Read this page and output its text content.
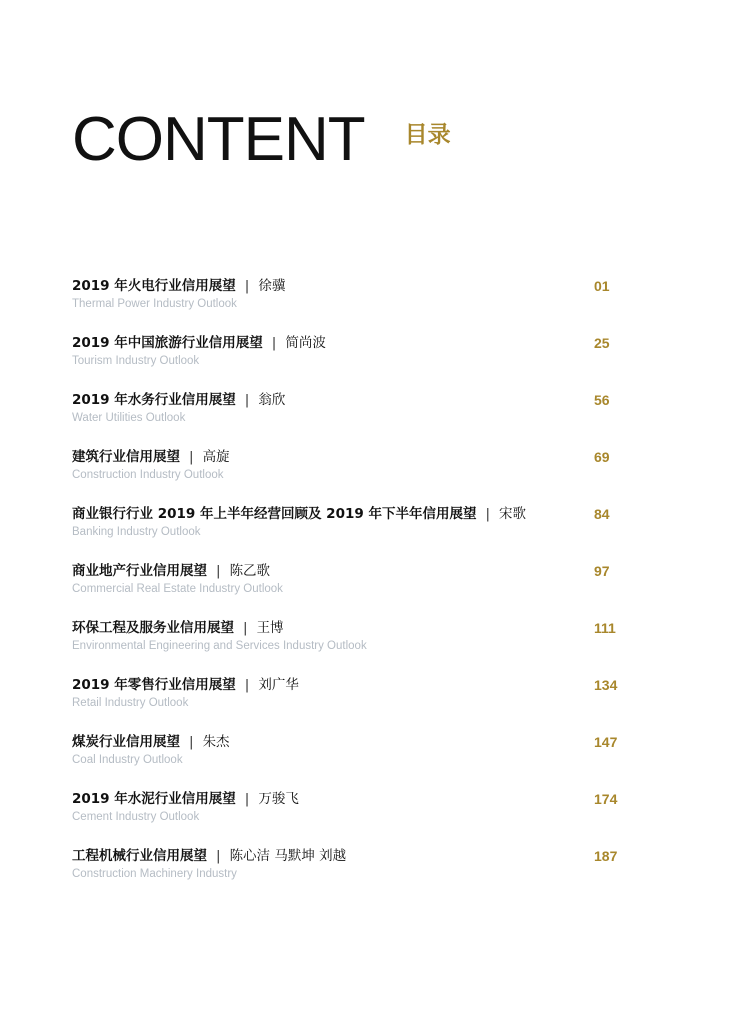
CONTENT 目录
2019 年火电行业信用展望 | 徐骥
Thermal Power Industry Outlook
01
2019 年中国旅游行业信用展望 | 简尚波
Tourism Industry Outlook
25
2019 年水务行业信用展望 | 翁欣
Water Utilities Outlook
56
建筑行业信用展望 | 高旋
Construction Industry Outlook
69
商业银行行业 2019 年上半年经营回顾及 2019 年下半年信用展望 | 宋歌
Banking Industry Outlook
84
商业地产行业信用展望 | 陈乙歌
Commercial Real Estate Industry Outlook
97
环保工程及服务业信用展望 | 王博
Environmental Engineering and Services Industry Outlook
111
2019 年零售行业信用展望 | 刘广华
Retail Industry Outlook
134
煤炭行业信用展望 | 朱杰
Coal Industry Outlook
147
2019 年水泥行业信用展望 | 万骏飞
Cement Industry Outlook
174
工程机械行业信用展望 | 陈心洁 马默坤 刘越
Construction Machinery Industry
187
